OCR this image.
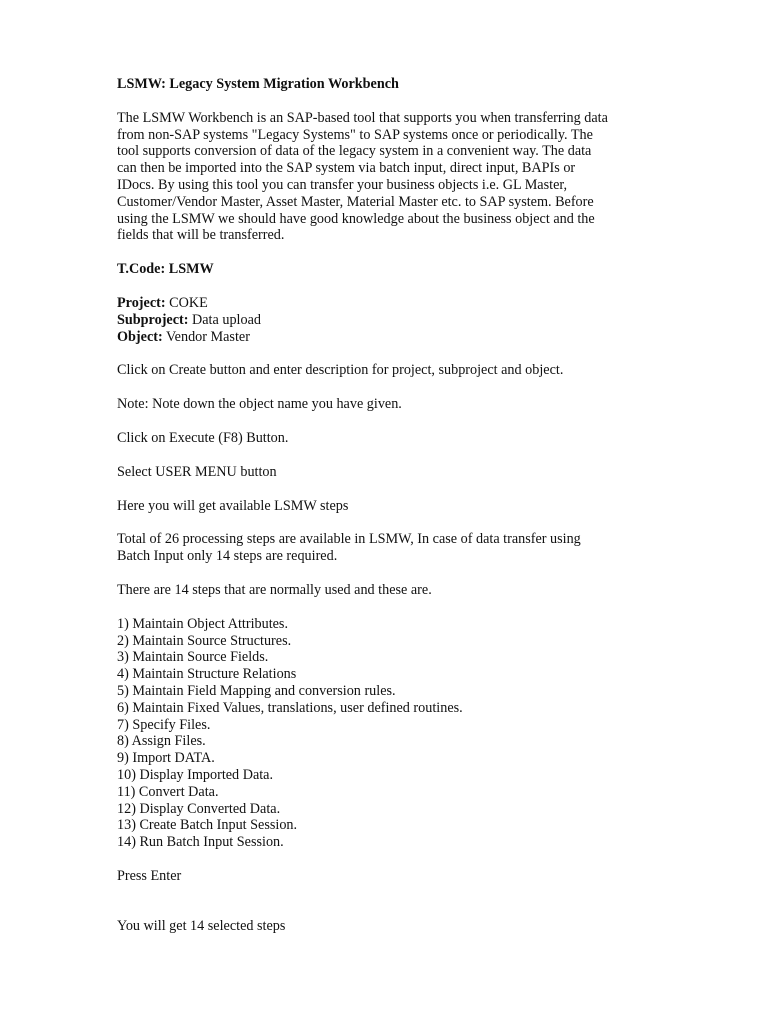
LSMW: Legacy System Migration Workbench

The LSMW Workbench is an SAP-based tool that supports you when transferring data

from non-SAP systems "Legacy Systems" to SAP systems once or periodically. The

tool supports conversion of data of the legacy system in a convenient way. The data

can then be imported into the SAP system via batch input, direct input, BAPIs or

IDocs. By using this tool you can transfer your business objects i.e. GL Master,

Customer/Vendor Master, Asset Master, Material Master etc. to SAP system. Before

using the LSMW we should have good knowledge about the business object and the

fields that will be transferred.

T.Code: LSMW

Project: COKE

Subproject: Data upload

Object: Vendor Master

Click on Create button and enter description for project, subproject and object.

Note: Note down the object name you have given.

Click on Execute (F8) Button.

Select USER MENU button

Here you will get available LSMW steps

Total of 26 processing steps are available in LSMW, In case of data transfer using

Batch Input only 14 steps are required.

There are 14 steps that are normally used and these are.

1) Maintain Object Attributes.
2) Maintain Source Structures.
3) Maintain Source Fields.
4) Maintain Structure Relations
5) Maintain Field Mapping and conversion rules.
6) Maintain Fixed Values, translations, user defined routines.
7) Specify Files.
8) Assign Files.
9) Import DATA.
10) Display Imported Data.
11) Convert Data.
12) Display Converted Data.
13) Create Batch Input Session.
14) Run Batch Input Session.

Press Enter

You will get 14 selected steps
